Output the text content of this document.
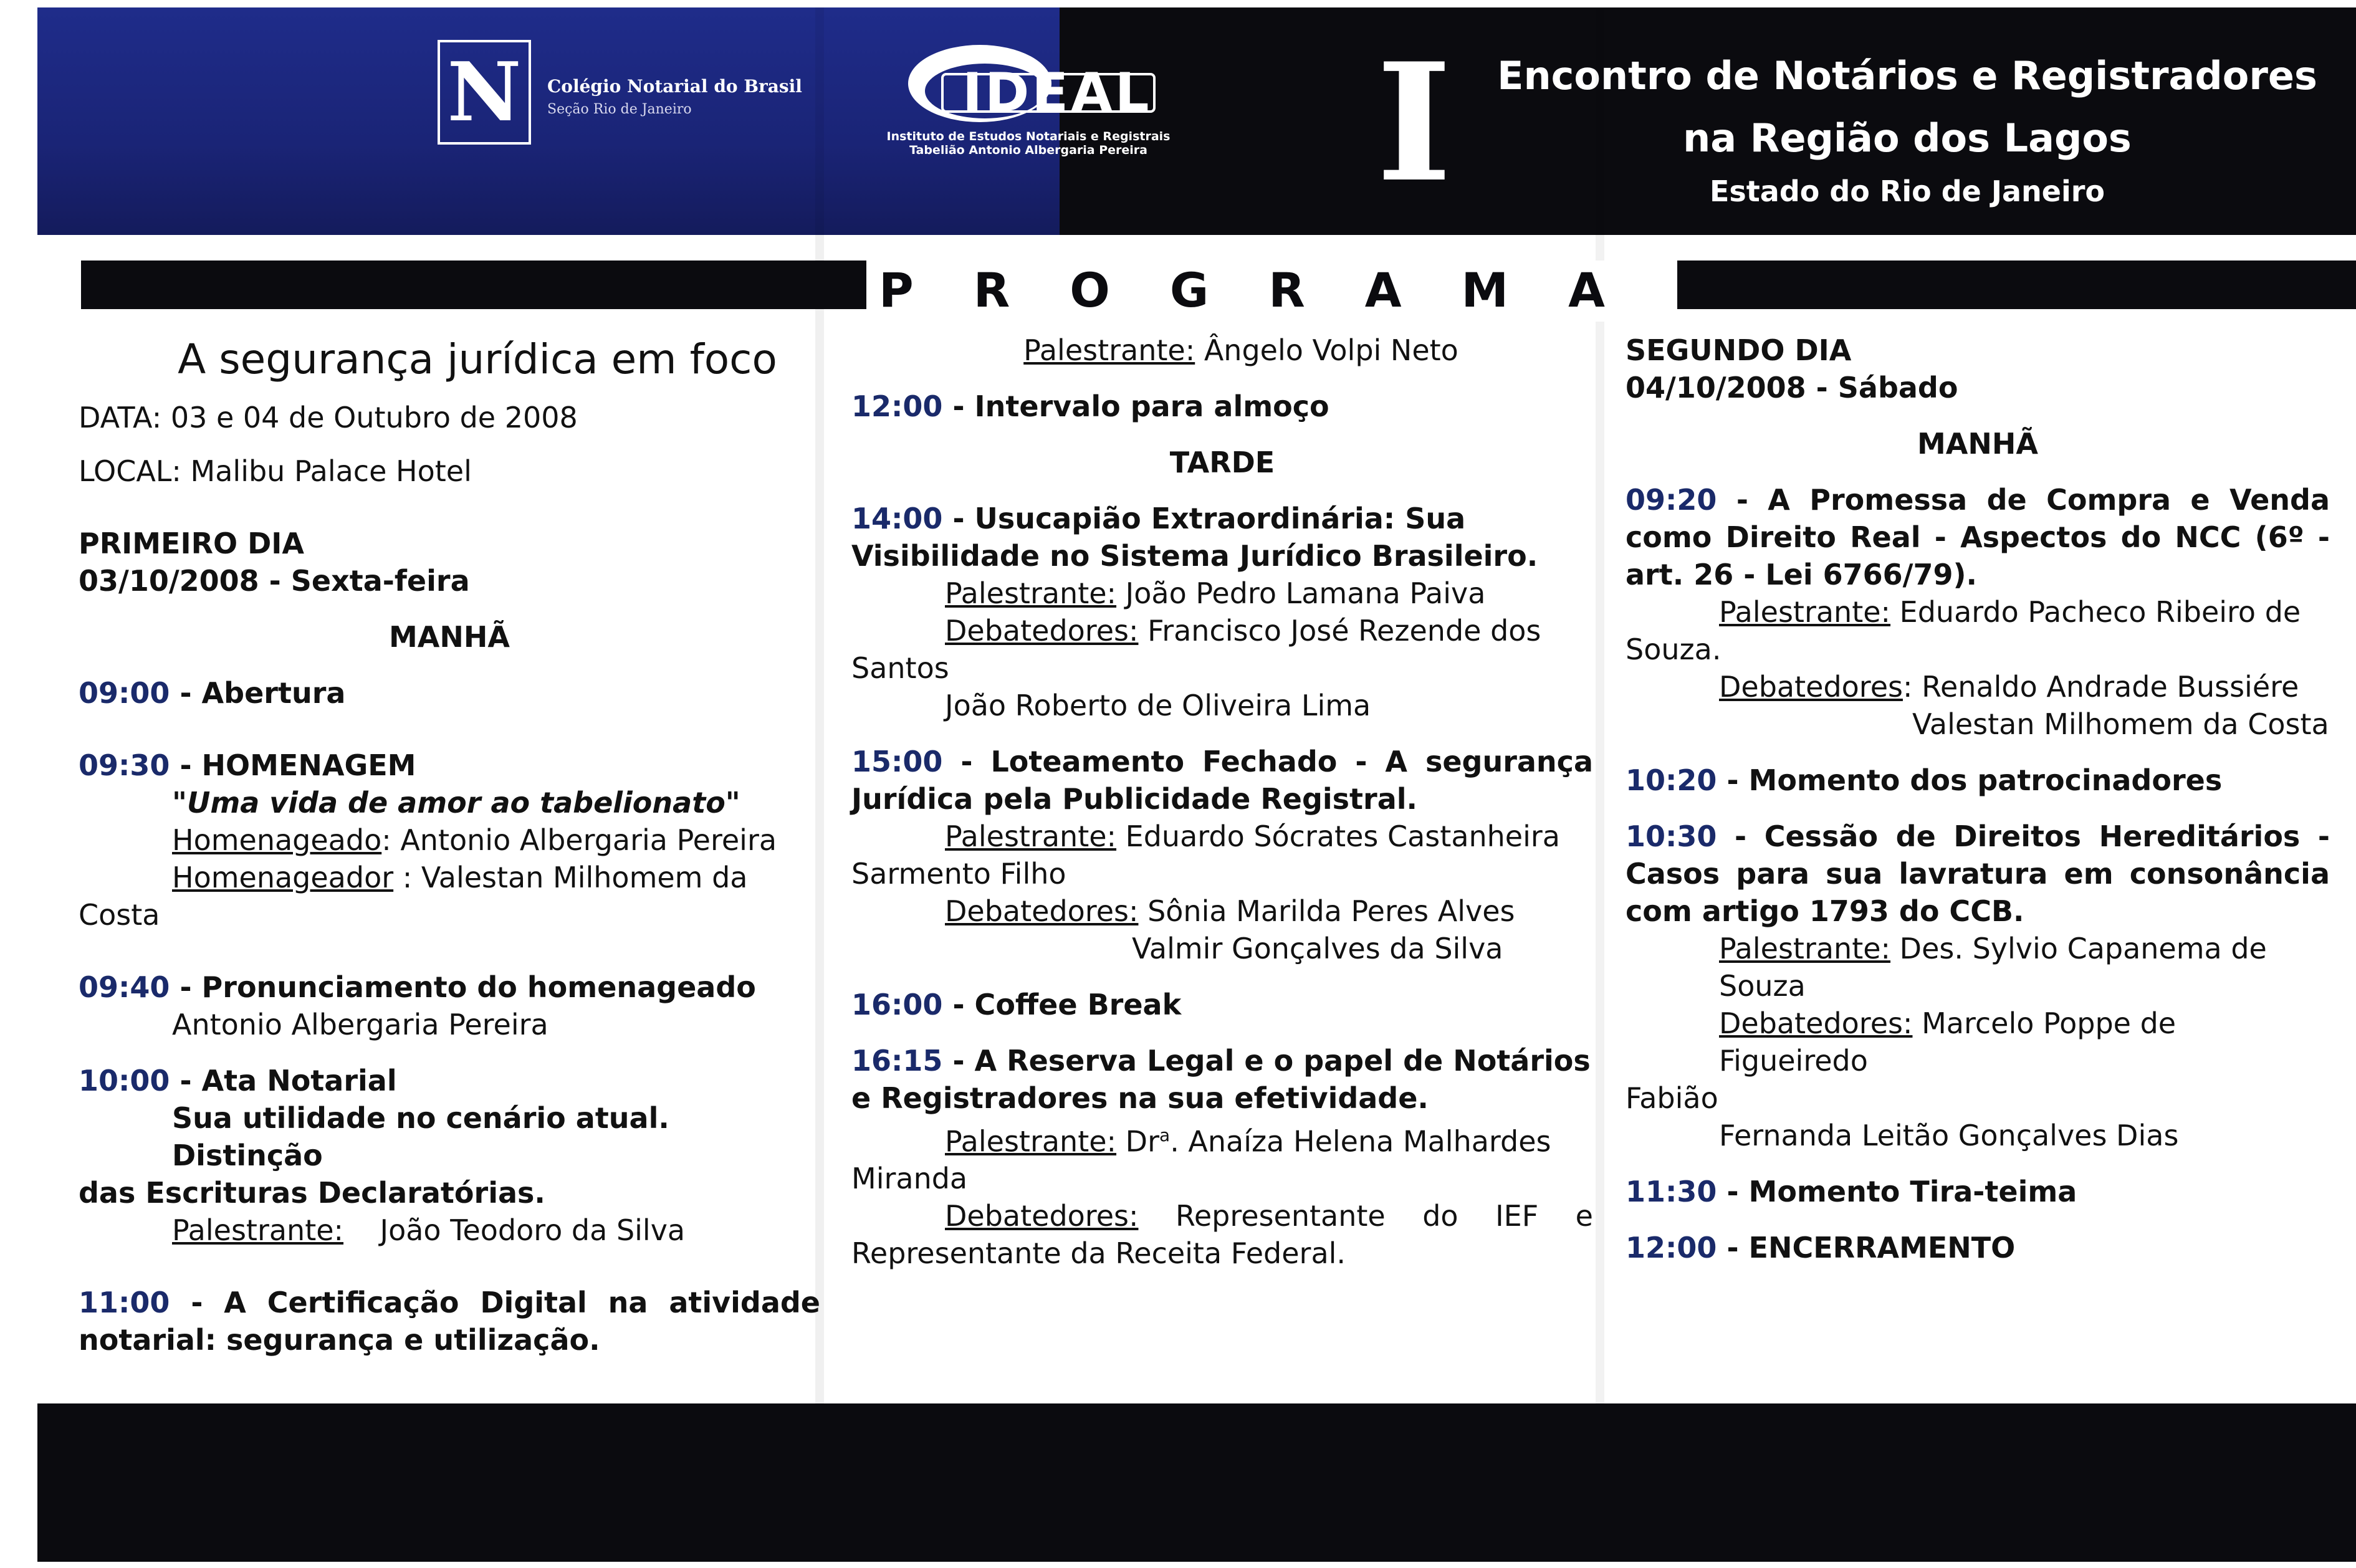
N Colégio Notarial do Brasil
Seção Rio de Janeiro	IDEAL
Instituto de Estudos Notariais e Registrais
Tabelião Antonio Albergaria Pereira	I	Encontro de Notários e Registradores
na Região dos Lagos
Estado do Rio de Janeiro
PROGRAMA
A segurança jurídica em foco
DATA: 03 e 04 de Outubro de 2008
LOCAL: Malibu Palace Hotel
PRIMEIRO DIA
03/10/2008 - Sexta-feira
MANHÃ
09:00 - Abertura
09:30 - HOMENAGEM
"Uma vida de amor ao tabelionato"
Homenageado: Antonio Albergaria Pereira
Homenageador : Valestan Milhomem da
Costa
09:40 - Pronunciamento do homenageado
Antonio Albergaria Pereira
10:00 - Ata Notarial
Sua utilidade no cenário atual. Distinção
das Escrituras Declaratórias.
Palestrante:    João Teodoro da Silva
11:00 - A Certificação Digital na atividade notarial: segurança e utilização.
Palestrante: Ângelo Volpi Neto
12:00 - Intervalo para almoço
TARDE
14:00 - Usucapião Extraordinária: Sua Visibilidade no Sistema Jurídico Brasileiro.
Palestrante: João Pedro Lamana Paiva
Debatedores: Francisco José Rezende dos
Santos
João Roberto de Oliveira Lima
15:00 - Loteamento Fechado - A segurança Jurídica pela Publicidade Registral.
Palestrante: Eduardo Sócrates Castanheira
Sarmento Filho
Debatedores: Sônia Marilda Peres Alves
Valmir Gonçalves da Silva
16:00 - Coffee Break
16:15 - A Reserva Legal e o papel de Notários e Registradores na sua efetividade.
Palestrante: Dr$^a$. Anaíza Helena Malhardes
Miranda
Debatedores: Representante do IEF e Representante da Receita Federal.
SEGUNDO DIA
04/10/2008 - Sábado
MANHÃ
09:20 - A Promessa de Compra e Venda como Direito Real - Aspectos do NCC (6º - art. 26 - Lei 6766/79).
Palestrante: Eduardo Pacheco Ribeiro de
Souza.
Debatedores: Renaldo Andrade Bussiére
Valestan Milhomem da Costa
10:20 - Momento dos patrocinadores
10:30 - Cessão de Direitos Hereditários - Casos para sua lavratura em consonância com artigo 1793 do CCB.
Palestrante: Des. Sylvio Capanema de Souza
Debatedores: Marcelo Poppe de Figueiredo
Fabião
Fernanda Leitão Gonçalves Dias
11:30 - Momento Tira-teima
12:00 - ENCERRAMENTO
